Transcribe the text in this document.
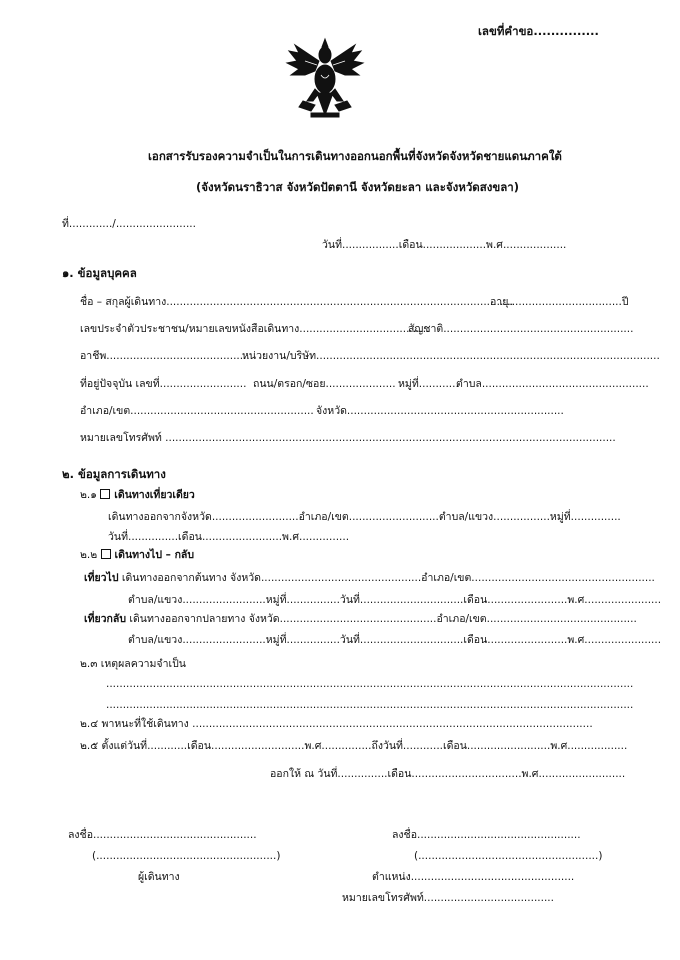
เลขที่คำขอ...............
เอกสารรับรองความจำเป็นในการเดินทางออกนอกพื้นที่จังหวัดจังหวัดชายแดนภาคใต้
(จังหวัดนราธิวาส จังหวัดปัตตานี จังหวัดยะลา และจังหวัดสงขลา)
ที่............./........................
วันที่.................เดือน...................พ.ศ...................
๑. ข้อมูลบุคคล
ชื่อ – สกุลผู้เดินทาง........................................................................................................
อายุ..................................ปี
เลขประจำตัวประชาชน/หมายเลขหนังสือเดินทาง.......................................
สัญชาติ.........................................................
อาชีพ...........................................
หน่วยงาน/บริษัท.......................................................................................................
ที่อยู่ปัจจุบัน เลขที่.......................... ถนน/ตรอก/ซอย..................... หมู่ที่............
ตำบล..................................................
อำเภอ/เขต....................................................... จังหวัด.................................................................
หมายเลขโทรศัพท์ .......................................................................................................................................
๒. ข้อมูลการเดินทาง
๒.๑ เดินทางเที่ยวเดียว
เดินทางออกจากจังหวัด..........................อำเภอ/เขต...........................ตำบล/แขวง.................หมู่ที่...............
วันที่...............เดือน........................พ.ศ...............
๒.๒ เดินทางไป – กลับ
เที่ยวไป เดินทางออกจากต้นทาง จังหวัด................................................อำเภอ/เขต.......................................................
ตำบล/แขวง.........................หมู่ที่................วันที่...............................เดือน........................พ.ศ.......................
เที่ยวกลับ เดินทางออกจากปลายทาง จังหวัด...............................................อำเภอ/เขต.............................................
ตำบล/แขวง.........................หมู่ที่................วันที่...............................เดือน........................พ.ศ.......................
๒.๓ เหตุผลความจำเป็น
..............................................................................................................................................................
..............................................................................................................................................................
๒.๔ พาหนะที่ใช้เดินทาง ........................................................................................................................
๒.๕ ตั้งแต่วันที่............เดือน............................พ.ศ...............ถึงวันที่............เดือน.........................พ.ศ..................
ออกให้ ณ วันที่...............เดือน.................................พ.ศ..........................
ลงชื่อ.................................................
(......................................................)
ผู้เดินทาง
ลงชื่อ.................................................
(......................................................)
ตำแหน่ง.................................................
หมายเลขโทรศัพท์.......................................
